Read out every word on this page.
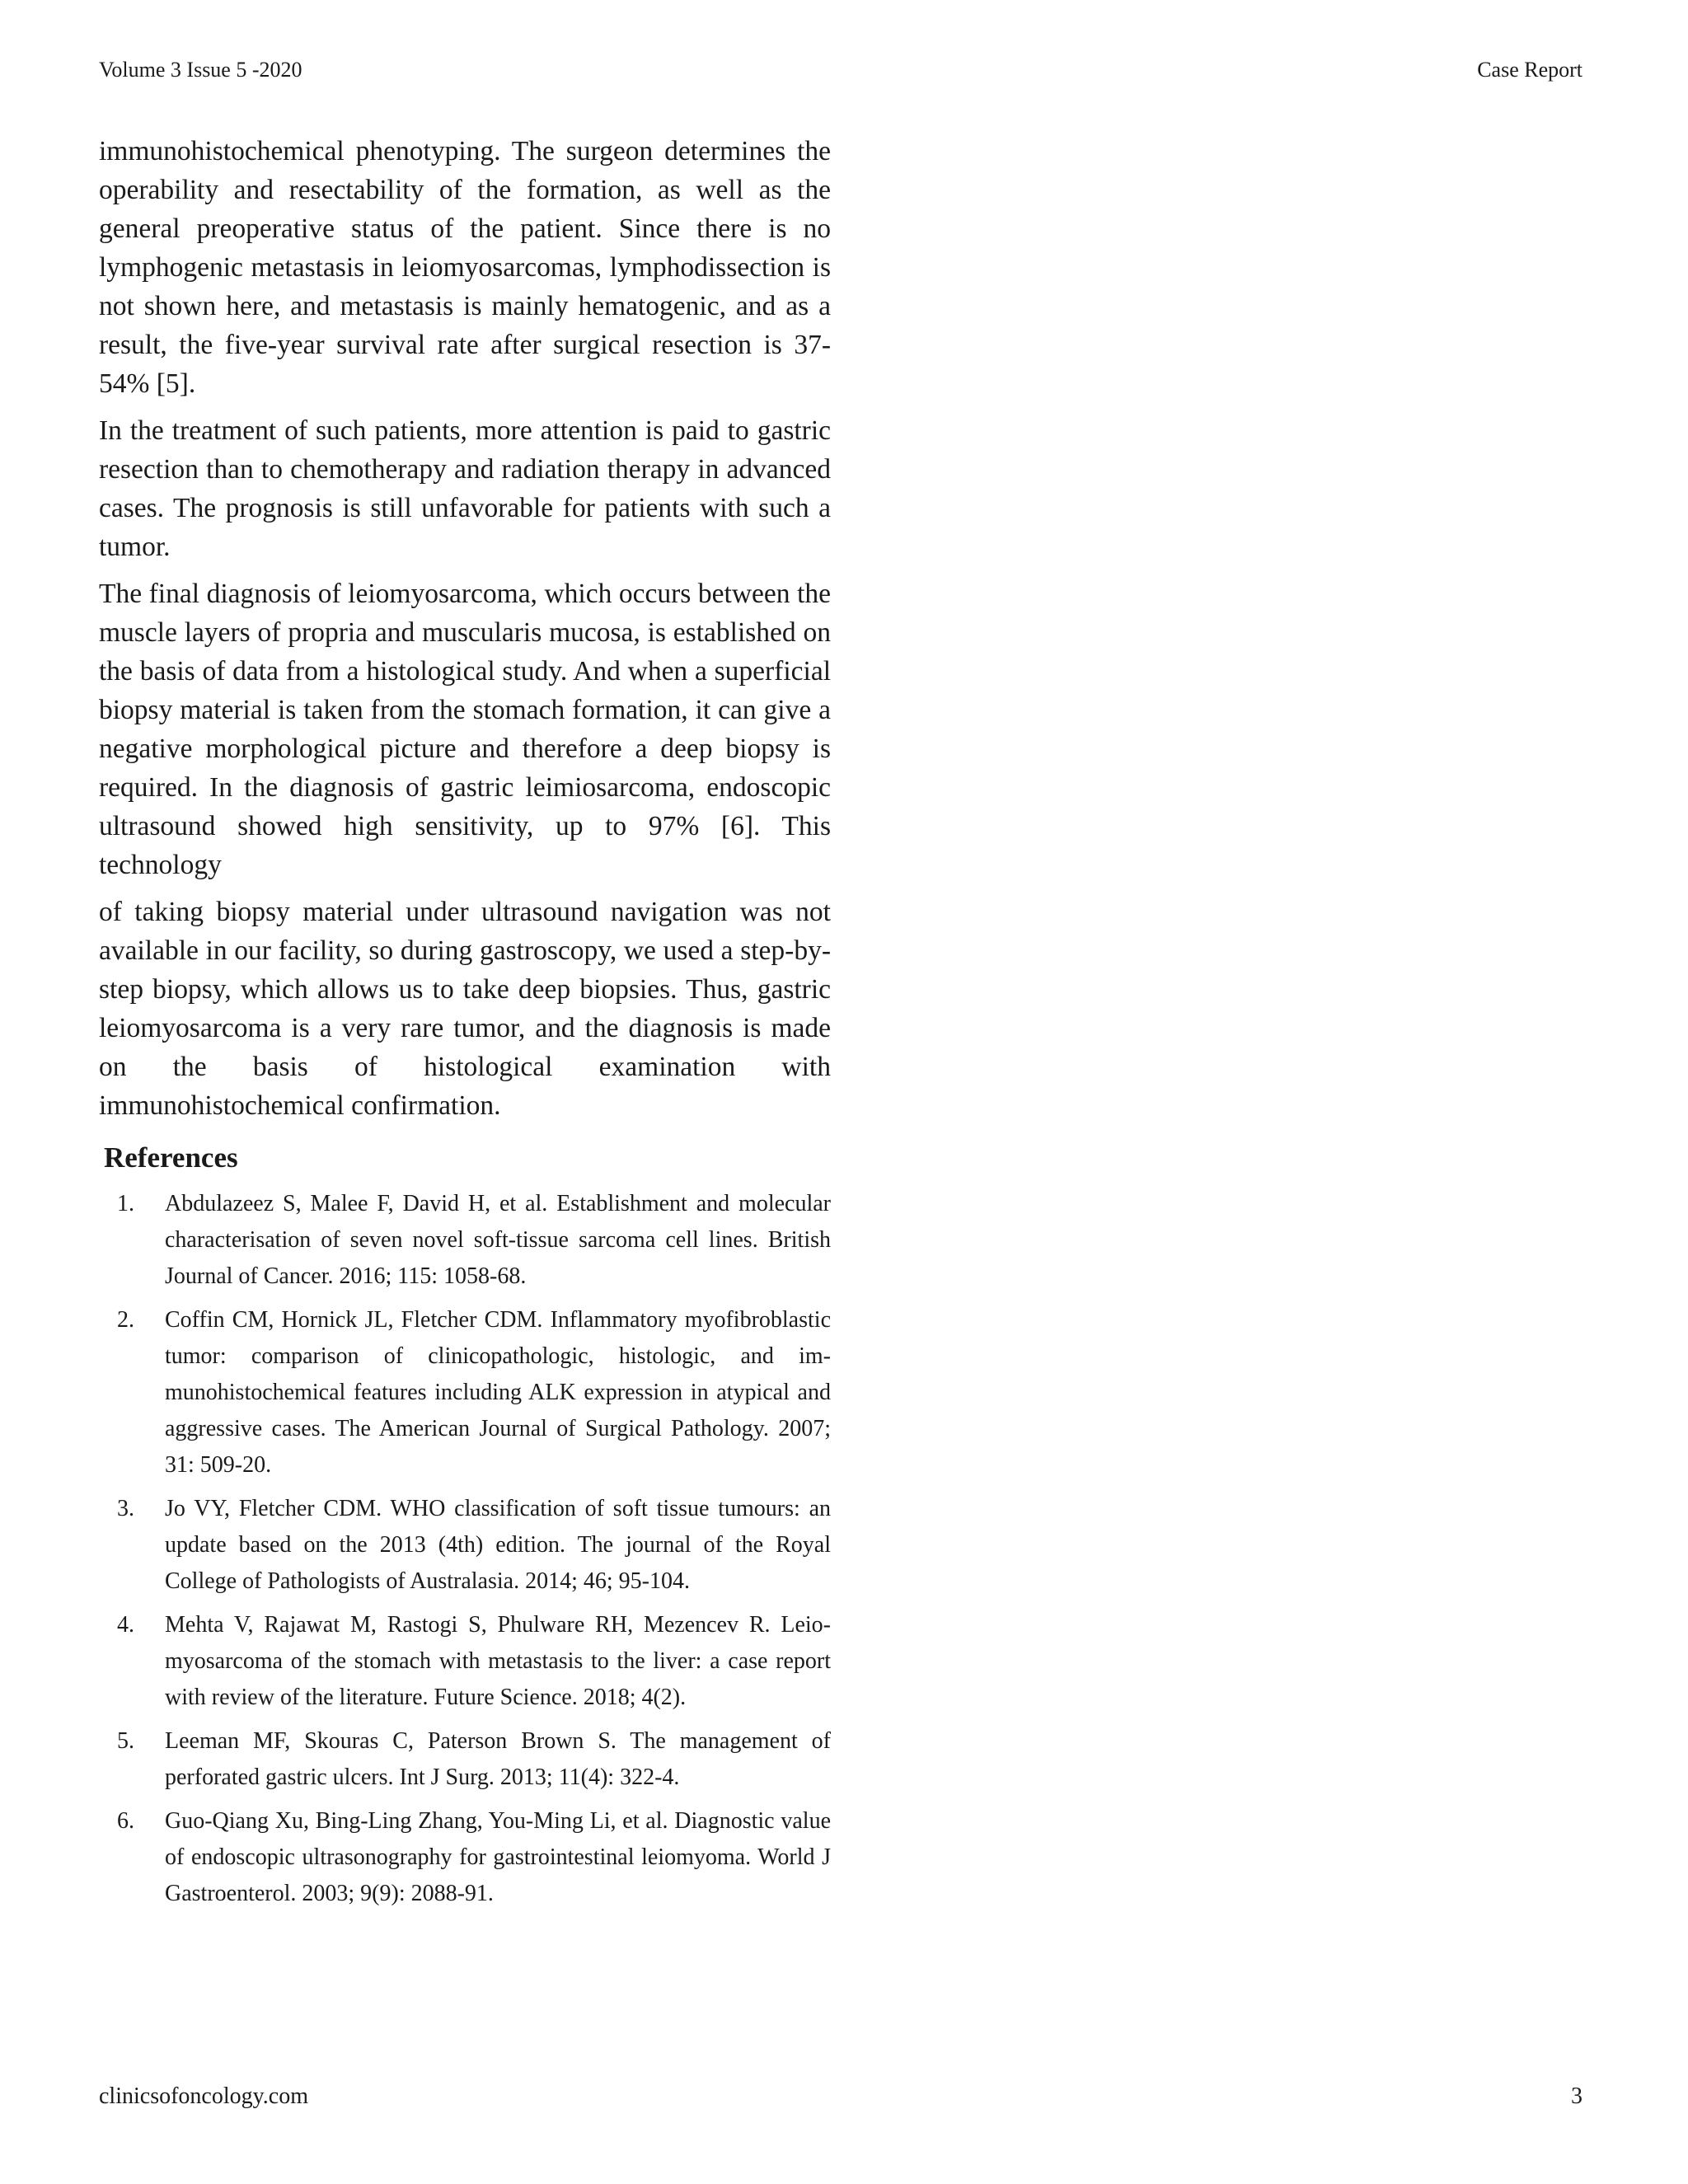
Volume 3 Issue 5 -2020	Case Report

immunohistochemical phenotyping. The surgeon determines the operability and resectability of the formation, as well as the general preoperative status of the patient. Since there is no lymphogenic metastasis in leiomyosarcomas, lymphodissection is not shown here, and metastasis is mainly hematogenic, and as a result, the five-year survival rate after surgical resection is 37-54% [5].

In the treatment of such patients, more attention is paid to gastric resection than to chemotherapy and radiation therapy in advanced cases. The prognosis is still unfavorable for patients with such a tumor.

The final diagnosis of leiomyosarcoma, which occurs between the muscle layers of propria and muscularis mucosa, is established on the basis of data from a histological study. And when a superficial biopsy material is taken from the stomach formation, it can give a negative morphological picture and therefore a deep biopsy is required. In the diagnosis of gastric leimiosarcoma, endoscopic ultrasound showed high sensitivity, up to 97% [6]. This technology

of taking biopsy material under ultrasound navigation was not available in our facility, so during gastroscopy, we used a step-by-step biopsy, which allows us to take deep biopsies. Thus, gastric leiomyosarcoma is a very rare tumor, and the diagnosis is made on the basis of histological examination with immunohistochemical confirmation.

References
1. Abdulazeez S, Malee F, David H, et al. Establishment and molecular characterisation of seven novel soft-tissue sarcoma cell lines. British Journal of Cancer. 2016; 115: 1058-68.
2. Coffin CM, Hornick JL, Fletcher CDM. Inflammatory myofibroblastic tumor: comparison of clinicopathologic, histologic, and immunohistochemical features including ALK expression in atypical and aggressive cases. The American Journal of Surgical Pathology. 2007; 31: 509-20.
3. Jo VY, Fletcher CDM. WHO classification of soft tissue tumours: an update based on the 2013 (4th) edition. The journal of the Royal College of Pathologists of Australasia. 2014; 46; 95-104.
4. Mehta V, Rajawat M, Rastogi S, Phulware RH, Mezencev R. Leiomyosarcoma of the stomach with metastasis to the liver: a case report with review of the literature. Future Science. 2018; 4(2).
5. Leeman MF, Skouras C, Paterson Brown S. The management of perforated gastric ulcers. Int J Surg. 2013; 11(4): 322-4.
6. Guo-Qiang Xu, Bing-Ling Zhang, You-Ming Li, et al. Diagnostic value of endoscopic ultrasonography for gastrointestinal leiomyoma. World J Gastroenterol. 2003; 9(9): 2088-91.
clinicsofoncology.com	3
